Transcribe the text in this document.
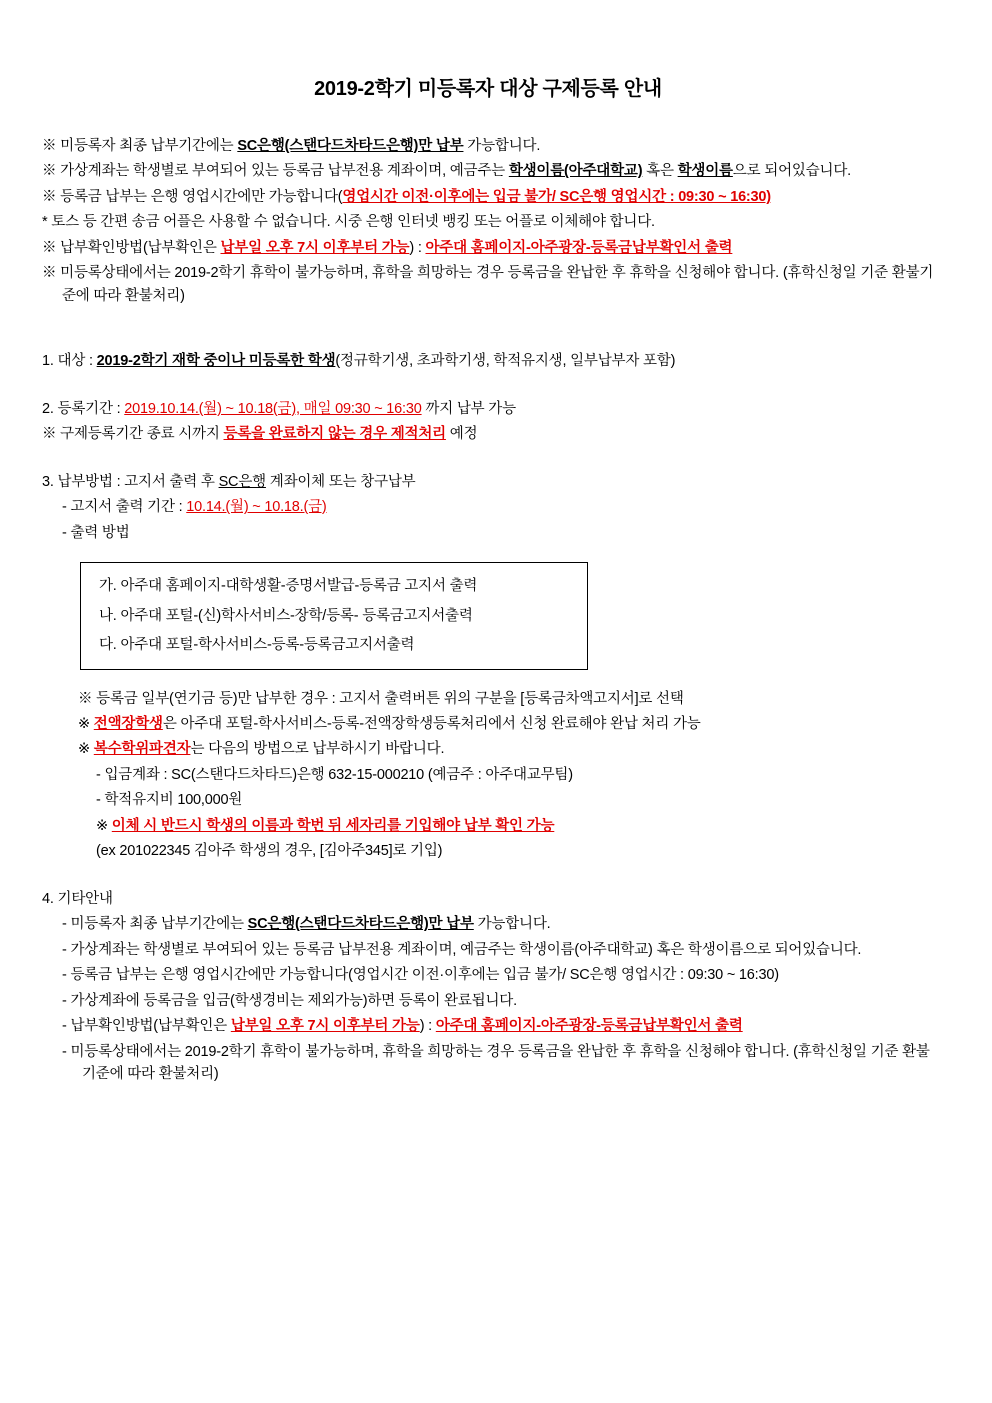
2019-2학기 미등록자 대상 구제등록 안내
※ 미등록자 최종 납부기간에는 SC은행(스탠다드차타드은행)만 납부 가능합니다.
※ 가상계좌는 학생별로 부여되어 있는 등록금 납부전용 계좌이며, 예금주는 학생이름(아주대학교) 혹은 학생이름으로 되어있습니다.
※ 등록금 납부는 은행 영업시간에만 가능합니다(영업시간 이전·이후에는 입금 불가/ SC은행 영업시간 : 09:30 ~ 16:30)
* 토스 등 간편 송금 어플은 사용할 수 없습니다. 시중 은행 인터넷 뱅킹 또는 어플로 이체해야 합니다.
※ 납부확인방법(납부확인은 납부일 오후 7시 이후부터 가능) : 아주대 홈페이지-아주광장-등록금납부확인서 출력
※ 미등록상태에서는 2019-2학기 휴학이 불가능하며, 휴학을 희망하는 경우 등록금을 완납한 후 휴학을 신청해야 합니다. (휴학신청일 기준 환불기준에 따라 환불처리)
1. 대상 : 2019-2학기 재학 중이나 미등록한 학생(정규학기생, 초과학기생, 학적유지생, 일부납부자 포함)
2. 등록기간 : 2019.10.14.(월) ~ 10.18(금), 매일 09:30 ~ 16:30 까지 납부 가능
※ 구제등록기간 종료 시까지 등록을 완료하지 않는 경우 제적처리 예정
3. 납부방법 : 고지서 출력 후 SC은행 계좌이체 또는 창구납부
- 고지서 출력 기간 : 10.14.(월) ~ 10.18.(금)
- 출력 방법
가. 아주대 홈페이지-대학생활-증명서발급-등록금 고지서 출력
나. 아주대 포털-(신)학사서비스-장학/등록- 등록금고지서출력
다. 아주대 포털-학사서비스-등록-등록금고지서출력
※ 등록금 일부(연기금 등)만 납부한 경우 : 고지서 출력버튼 위의 구분을 [등록금차액고지서]로 선택
※ 전액장학생은 아주대 포털-학사서비스-등록-전액장학생등록처리에서 신청 완료해야 완납 처리 가능
※ 복수학위파견자는 다음의 방법으로 납부하시기 바랍니다.
- 입금계좌 : SC(스탠다드차타드)은행 632-15-000210 (예금주 : 아주대교무팀)
- 학적유지비 100,000원
※ 이체 시 반드시 학생의 이름과 학번 뒤 세자리를 기입해야 납부 확인 가능
(ex 201022345 김아주 학생의 경우, [김아주345]로 기입)
4. 기타안내
- 미등록자 최종 납부기간에는 SC은행(스탠다드차타드은행)만 납부 가능합니다.
- 가상계좌는 학생별로 부여되어 있는 등록금 납부전용 계좌이며, 예금주는 학생이름(아주대학교) 혹은 학생이름으로 되어있습니다.
- 등록금 납부는 은행 영업시간에만 가능합니다(영업시간 이전·이후에는 입금 불가/ SC은행 영업시간 : 09:30 ~ 16:30)
- 가상계좌에 등록금을 입금(학생경비는 제외가능)하면 등록이 완료됩니다.
- 납부확인방법(납부확인은 납부일 오후 7시 이후부터 가능) : 아주대 홈페이지-아주광장-등록금납부확인서 출력
- 미등록상태에서는 2019-2학기 휴학이 불가능하며, 휴학을 희망하는 경우 등록금을 완납한 후 휴학을 신청해야 합니다. (휴학신청일 기준 환불기준에 따라 환불처리)
